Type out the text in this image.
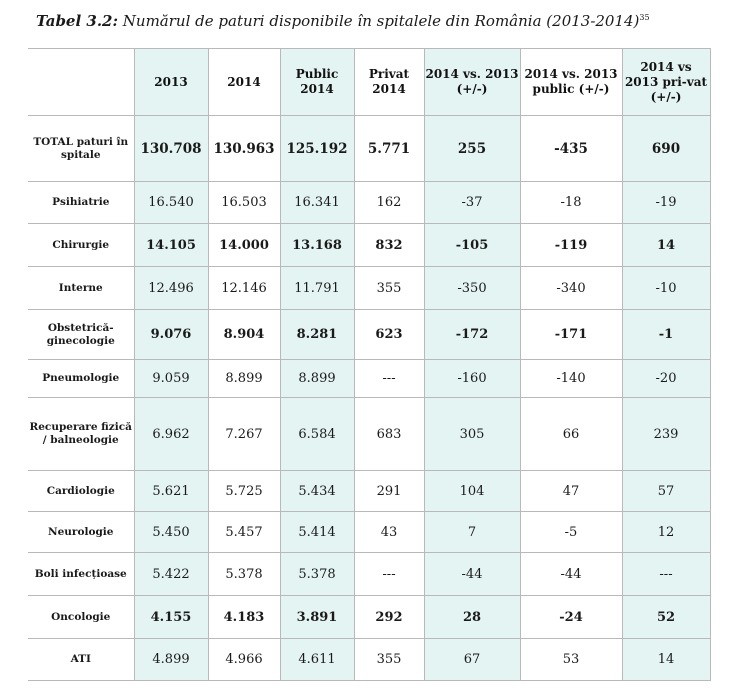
Tabel 3.2: Numărul de paturi disponibile în spitalele din România (2013-2014)$^{35}$
	2013	2014	Public 2014	Privat 2014	2014 vs. 2013 (+/-)	2014 vs. 2013 public (+/-)	2014 vs 2013 pri-vat (+/-)
TOTAL paturi în spitale	130.708	130.963	125.192	5.771	255	-435	690
Psihiatrie	16.540	16.503	16.341	162	-37	-18	-19
Chirurgie	14.105	14.000	13.168	832	-105	-119	14
Interne	12.496	12.146	11.791	355	-350	-340	-10
Obstetrică-ginecologie	9.076	8.904	8.281	623	-172	-171	-1
Pneumologie	9.059	8.899	8.899	---	-160	-140	-20
Recuperare fizică / balneologie	6.962	7.267	6.584	683	305	66	239
Cardiologie	5.621	5.725	5.434	291	104	47	57
Neurologie	5.450	5.457	5.414	43	7	-5	12
Boli infecțioase	5.422	5.378	5.378	---	-44	-44	---
Oncologie	4.155	4.183	3.891	292	28	-24	52
ATI	4.899	4.966	4.611	355	67	53	14
